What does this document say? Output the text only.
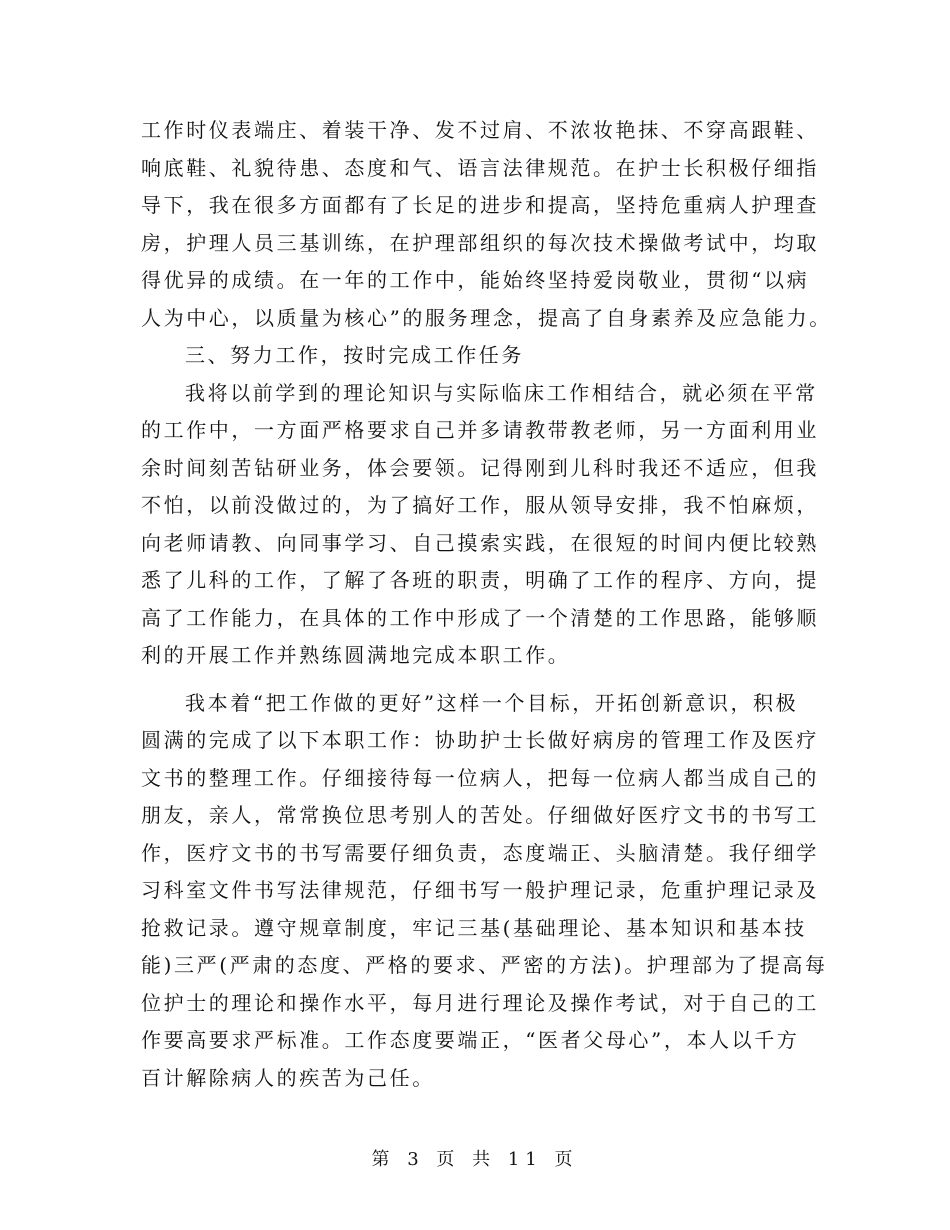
工作时仪表端庄、着装干净、发不过肩、不浓妆艳抹、不穿高跟鞋、
响底鞋、礼貌待患、态度和气、语言法律规范。在护士长积极仔细指
导下，我在很多方面都有了长足的进步和提高，坚持危重病人护理查
房，护理人员三基训练，在护理部组织的每次技术操做考试中，均取
得优异的成绩。在一年的工作中，能始终坚持爱岗敬业，贯彻“以病
人为中心，以质量为核心”的服务理念，提高了自身素养及应急能力。
三、努力工作，按时完成工作任务
我将以前学到的理论知识与实际临床工作相结合，就必须在平常
的工作中，一方面严格要求自己并多请教带教老师，另一方面利用业
余时间刻苦钻研业务，体会要领。记得刚到儿科时我还不适应，但我
不怕，以前没做过的，为了搞好工作，服从领导安排，我不怕麻烦，
向老师请教、向同事学习、自己摸索实践，在很短的时间内便比较熟
悉了儿科的工作，了解了各班的职责，明确了工作的程序、方向，提
高了工作能力，在具体的工作中形成了一个清楚的工作思路，能够顺
利的开展工作并熟练圆满地完成本职工作。
我本着“把工作做的更好”这样一个目标，开拓创新意识，积极
圆满的完成了以下本职工作：协助护士长做好病房的管理工作及医疗
文书的整理工作。仔细接待每一位病人，把每一位病人都当成自己的
朋友，亲人，常常换位思考别人的苦处。仔细做好医疗文书的书写工
作，医疗文书的书写需要仔细负责，态度端正、头脑清楚。我仔细学
习科室文件书写法律规范，仔细书写一般护理记录，危重护理记录及
抢救记录。遵守规章制度，牢记三基(基础理论、基本知识和基本技
能)三严(严肃的态度、严格的要求、严密的方法)。护理部为了提高每
位护士的理论和操作水平，每月进行理论及操作考试，对于自己的工
作要高要求严标准。工作态度要端正，“医者父母心”，本人以千方
百计解除病人的疾苦为己任。
第 3 页 共 11 页
